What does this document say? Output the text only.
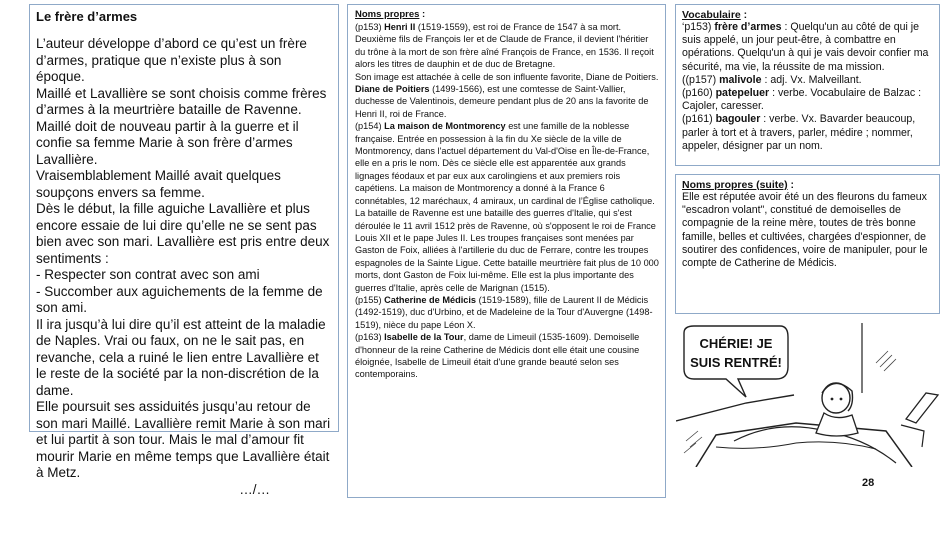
Le frère d’armes

L’auteur développe d’abord ce qu’est un frère d’armes, pratique que n’existe plus à son époque.

Maillé et Lavallière se sont choisis comme frères d’armes à la meurtrière bataille de Ravenne.

Maillé doit de nouveau partir à la guerre et il confie sa femme Marie à son frère d’armes Lavallière.

Vraisemblablement Maillé avait quelques soupçons envers sa femme.

Dès le début, la fille aguiche Lavallière et plus encore essaie de lui dire qu’elle ne se sent pas bien avec son mari. Lavallière est pris entre deux sentiments :

- Respecter son contrat avec son ami

- Succomber aux aguichements de la femme de son ami.

Il ira jusqu’à lui dire qu’il est atteint de la maladie de Naples. Vrai ou faux, on ne le sait pas, en revanche, cela a ruiné le lien entre Lavallière et le reste de la société par la non-discrétion de la dame.

Elle poursuit ses assiduités jusqu’au retour de son mari Maillé. Lavallière remit Marie à son mari et lui partit à son tour. Mais le mal d’amour fit mourir Marie en même temps que Lavallière était à Metz.

…/…

Noms propres :

(p153) Henri II (1519-1559), est roi de France de 1547 à sa mort. Deuxième fils de François Ier et de Claude de France, il devient l'héritier du trône à la mort de son frère aîné François de France, en 1536. Il reçoit alors les titres de dauphin et de duc de Bretagne.

Son image est attachée à celle de son influente favorite, Diane de Poitiers.

Diane de Poitiers (1499-1566), est une comtesse de Saint-Vallier, duchesse de Valentinois, demeure pendant plus de 20 ans la favorite de Henri II, roi de France.

(p154) La maison de Montmorency est une famille de la noblesse française. Entrée en possession à la fin du Xe siècle de la ville de Montmorency, dans l'actuel département du Val-d'Oise en Île-de-France, elle en a pris le nom. Dès ce siècle elle est apparentée aux grands lignages féodaux et par eux aux carolingiens et aux premiers rois capétiens. La maison de Montmorency a donné à la France 6 connétables, 12 maréchaux, 4 amiraux, un cardinal de l’Église catholique.

La bataille de Ravenne est une bataille des guerres d'Italie, qui s'est déroulée le 11 avril 1512 près de Ravenne, où s'opposent le roi de France Louis XII et le pape Jules II. Les troupes françaises sont menées par Gaston de Foix, alliées à l'artillerie du duc de Ferrare, contre les troupes espagnoles de la Sainte Ligue. Cette bataille meurtrière fait plus de 10 000 morts, dont Gaston de Foix lui-même. Elle est la plus importante des guerres d'Italie, après celle de Marignan (1515).

(p155) Catherine de Médicis (1519-1589), fille de Laurent II de Médicis (1492-1519), duc d'Urbino, et de Madeleine de la Tour d'Auvergne (1498-1519), nièce du pape Léon X.

(p163) Isabelle de la Tour, dame de Limeuil (1535-1609). Demoiselle d'honneur de la reine Catherine de Médicis dont elle était une cousine éloignée, Isabelle de Limeuil était d'une grande beauté selon ses contemporains.

Vocabulaire :

‘p153) frère d’armes : Quelqu'un au côté de qui je suis appelé, un jour peut-être, à combattre en opérations. Quelqu'un à qui je vais devoir confier ma sécurité, ma vie, la réussite de ma mission.

((p157) malivole : adj. Vx. Malveillant.

(p160) patepeluer : verbe. Vocabulaire de Balzac : Cajoler, caresser.

(p161) bagouler : verbe. Vx. Bavarder beaucoup, parler à tort et à travers, parler, médire ; nommer, appeler, désigner par un nom.

Noms propres (suite) :

Elle est réputée avoir été un des fleurons du fameux "escadron volant", constitué de demoiselles de compagnie de la reine mère, toutes de très bonne famille, belles et cultivées, chargées d'espionner, de soutirer des confidences, voire de manipuler, pour le compte de Catherine de Médicis.

CHÉRIE! JE
SUIS RENTRÉ!
28
